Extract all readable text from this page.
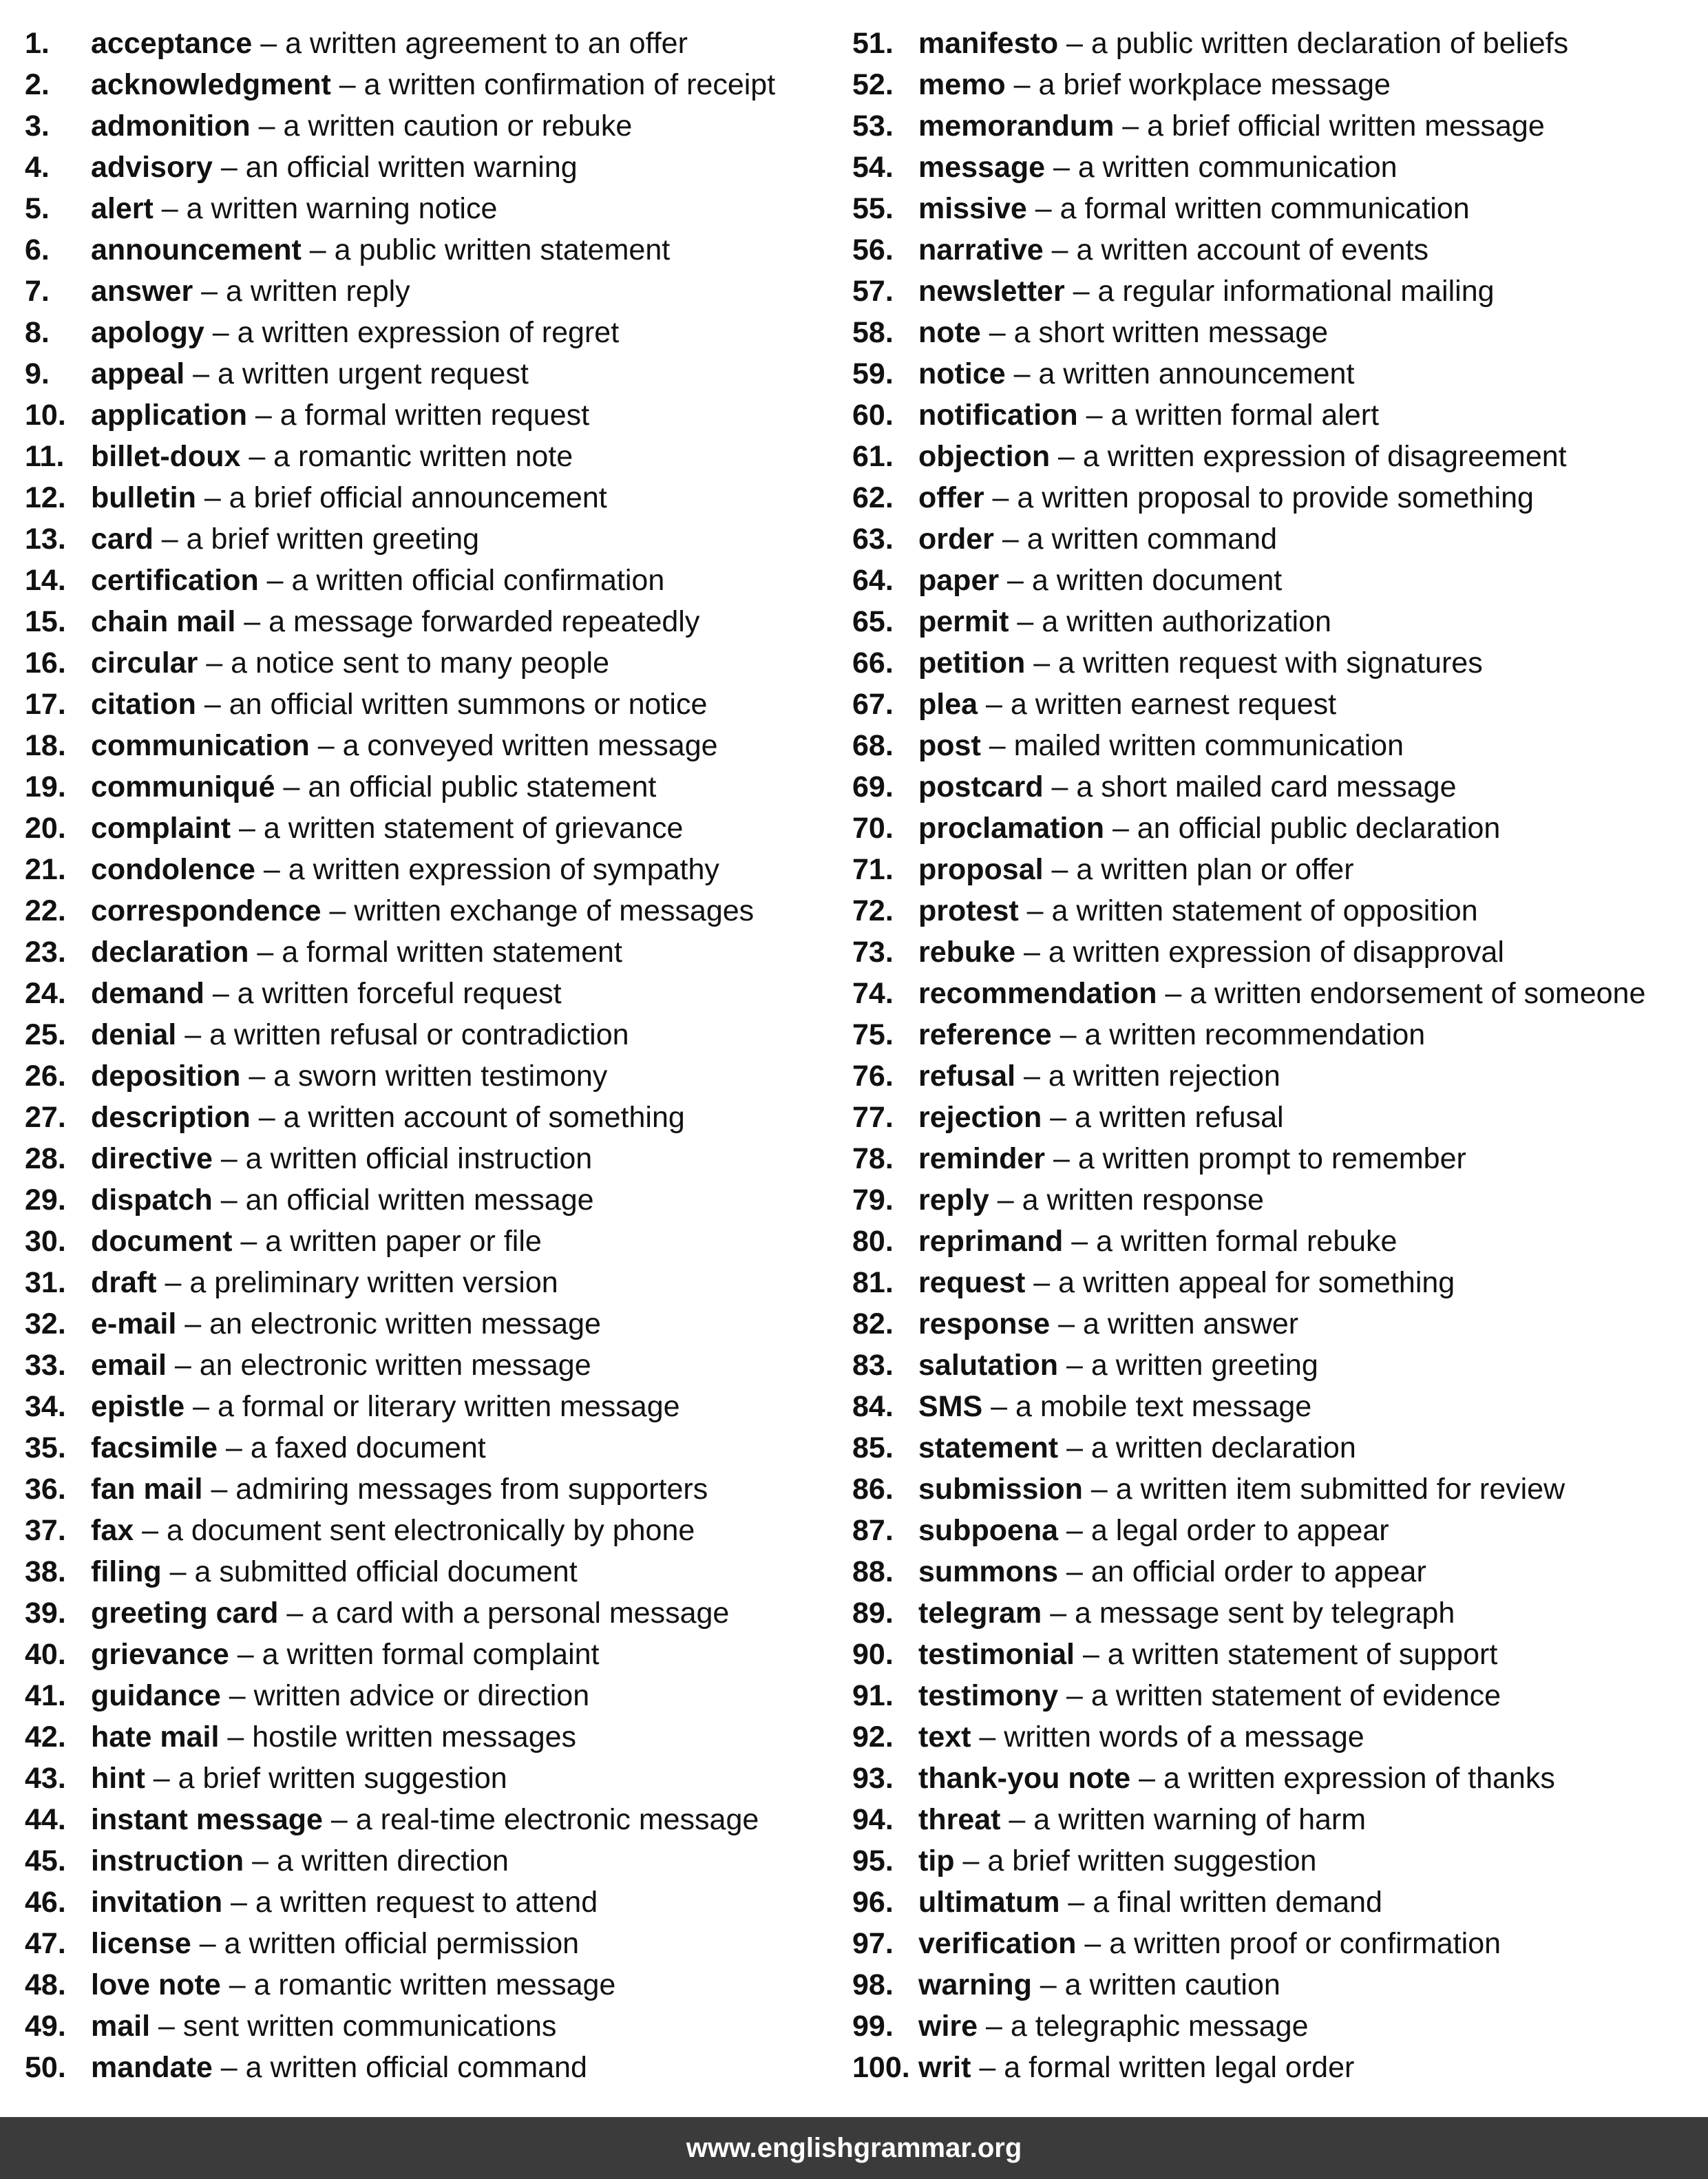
1. acceptance – a written agreement to an offer
2. acknowledgment – a written confirmation of receipt
3. admonition – a written caution or rebuke
4. advisory – an official written warning
5. alert – a written warning notice
6. announcement – a public written statement
7. answer – a written reply
8. apology – a written expression of regret
9. appeal – a written urgent request
10. application – a formal written request
11. billet-doux – a romantic written note
12. bulletin – a brief official announcement
13. card – a brief written greeting
14. certification – a written official confirmation
15. chain mail – a message forwarded repeatedly
16. circular – a notice sent to many people
17. citation – an official written summons or notice
18. communication – a conveyed written message
19. communiqué – an official public statement
20. complaint – a written statement of grievance
21. condolence – a written expression of sympathy
22. correspondence – written exchange of messages
23. declaration – a formal written statement
24. demand – a written forceful request
25. denial – a written refusal or contradiction
26. deposition – a sworn written testimony
27. description – a written account of something
28. directive – a written official instruction
29. dispatch – an official written message
30. document – a written paper or file
31. draft – a preliminary written version
32. e-mail – an electronic written message
33. email – an electronic written message
34. epistle – a formal or literary written message
35. facsimile – a faxed document
36. fan mail – admiring messages from supporters
37. fax – a document sent electronically by phone
38. filing – a submitted official document
39. greeting card – a card with a personal message
40. grievance – a written formal complaint
41. guidance – written advice or direction
42. hate mail – hostile written messages
43. hint – a brief written suggestion
44. instant message – a real-time electronic message
45. instruction – a written direction
46. invitation – a written request to attend
47. license – a written official permission
48. love note – a romantic written message
49. mail – sent written communications
50. mandate – a written official command
51. manifesto – a public written declaration of beliefs
52. memo – a brief workplace message
53. memorandum – a brief official written message
54. message – a written communication
55. missive – a formal written communication
56. narrative – a written account of events
57. newsletter – a regular informational mailing
58. note – a short written message
59. notice – a written announcement
60. notification – a written formal alert
61. objection – a written expression of disagreement
62. offer – a written proposal to provide something
63. order – a written command
64. paper – a written document
65. permit – a written authorization
66. petition – a written request with signatures
67. plea – a written earnest request
68. post – mailed written communication
69. postcard – a short mailed card message
70. proclamation – an official public declaration
71. proposal – a written plan or offer
72. protest – a written statement of opposition
73. rebuke – a written expression of disapproval
74. recommendation – a written endorsement of someone
75. reference – a written recommendation
76. refusal – a written rejection
77. rejection – a written refusal
78. reminder – a written prompt to remember
79. reply – a written response
80. reprimand – a written formal rebuke
81. request – a written appeal for something
82. response – a written answer
83. salutation – a written greeting
84. SMS – a mobile text message
85. statement – a written declaration
86. submission – a written item submitted for review
87. subpoena – a legal order to appear
88. summons – an official order to appear
89. telegram – a message sent by telegraph
90. testimonial – a written statement of support
91. testimony – a written statement of evidence
92. text – written words of a message
93. thank-you note – a written expression of thanks
94. threat – a written warning of harm
95. tip – a brief written suggestion
96. ultimatum – a final written demand
97. verification – a written proof or confirmation
98. warning – a written caution
99. wire – a telegraphic message
100. writ – a formal written legal order
www.englishgrammar.org
